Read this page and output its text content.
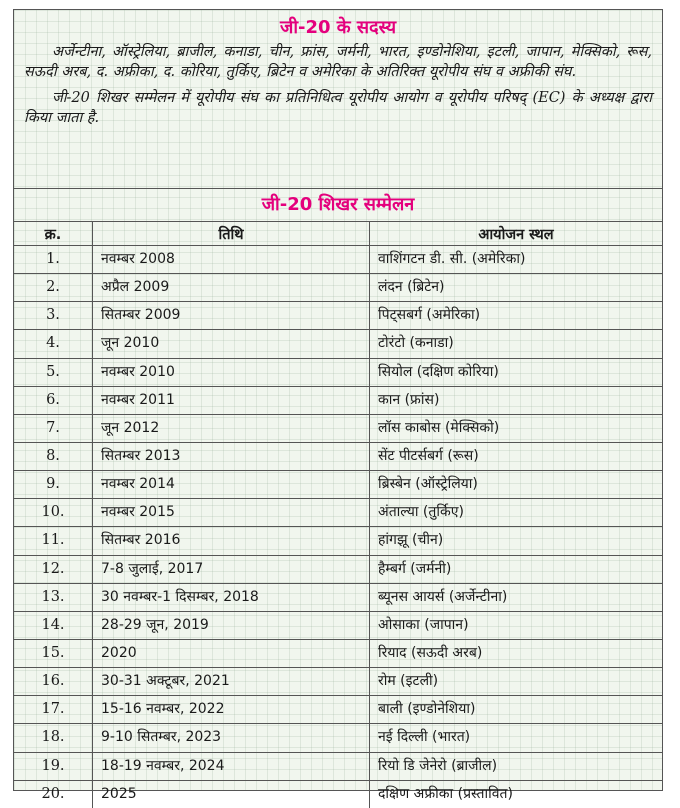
जी-20 के सदस्य

अर्जेन्टीना, ऑस्ट्रेलिया, ब्राजील, कनाडा, चीन, फ्रांस, जर्मनी, भारत, इण्डोनेशिया, इटली, जापान, मेक्सिको, रूस, सऊदी अरब, द. अफ्रीका, द. कोरिया, तुर्किए, ब्रिटेन व अमेरिका के अतिरिक्त यूरोपीय संघ व अफ्रीकी संघ.

जी-20 शिखर सम्मेलन में यूरोपीय संघ का प्रतिनिधित्व यूरोपीय आयोग व यूरोपीय परिषद् (EC) के अध्यक्ष द्वारा किया जाता है.

जी-20 शिखर सम्मेलन
क्र.	तिथि	आयोजन स्थल
1.	नवम्बर 2008	वाशिंगटन डी. सी. (अमेरिका)
2.	अप्रैल 2009	लंदन (ब्रिटेन)
3.	सितम्बर 2009	पिट्सबर्ग (अमेरिका)
4.	जून 2010	टोरंटो (कनाडा)
5.	नवम्बर 2010	सियोल (दक्षिण कोरिया)
6.	नवम्बर 2011	कान (फ्रांस)
7.	जून 2012	लॉस काबोस (मेक्सिको)
8.	सितम्बर 2013	सेंट पीटर्सबर्ग (रूस)
9.	नवम्बर 2014	ब्रिस्बेन (ऑस्ट्रेलिया)
10.	नवम्बर 2015	अंताल्या (तुर्किए)
11.	सितम्बर 2016	हांगझू (चीन)
12.	7-8 जुलाई, 2017	हैम्बर्ग (जर्मनी)
13.	30 नवम्बर-1 दिसम्बर, 2018	ब्यूनस आयर्स (अर्जेन्टीना)
14.	28-29 जून, 2019	ओसाका (जापान)
15.	2020	रियाद (सऊदी अरब)
16.	30-31 अक्टूबर, 2021	रोम (इटली)
17.	15-16 नवम्बर, 2022	बाली (इण्डोनेशिया)
18.	9-10 सितम्बर, 2023	नई दिल्ली (भारत)
19.	18-19 नवम्बर, 2024	रियो डि जेनेरो (ब्राजील)
20.	2025	दक्षिण अफ्रीका (प्रस्तावित)
